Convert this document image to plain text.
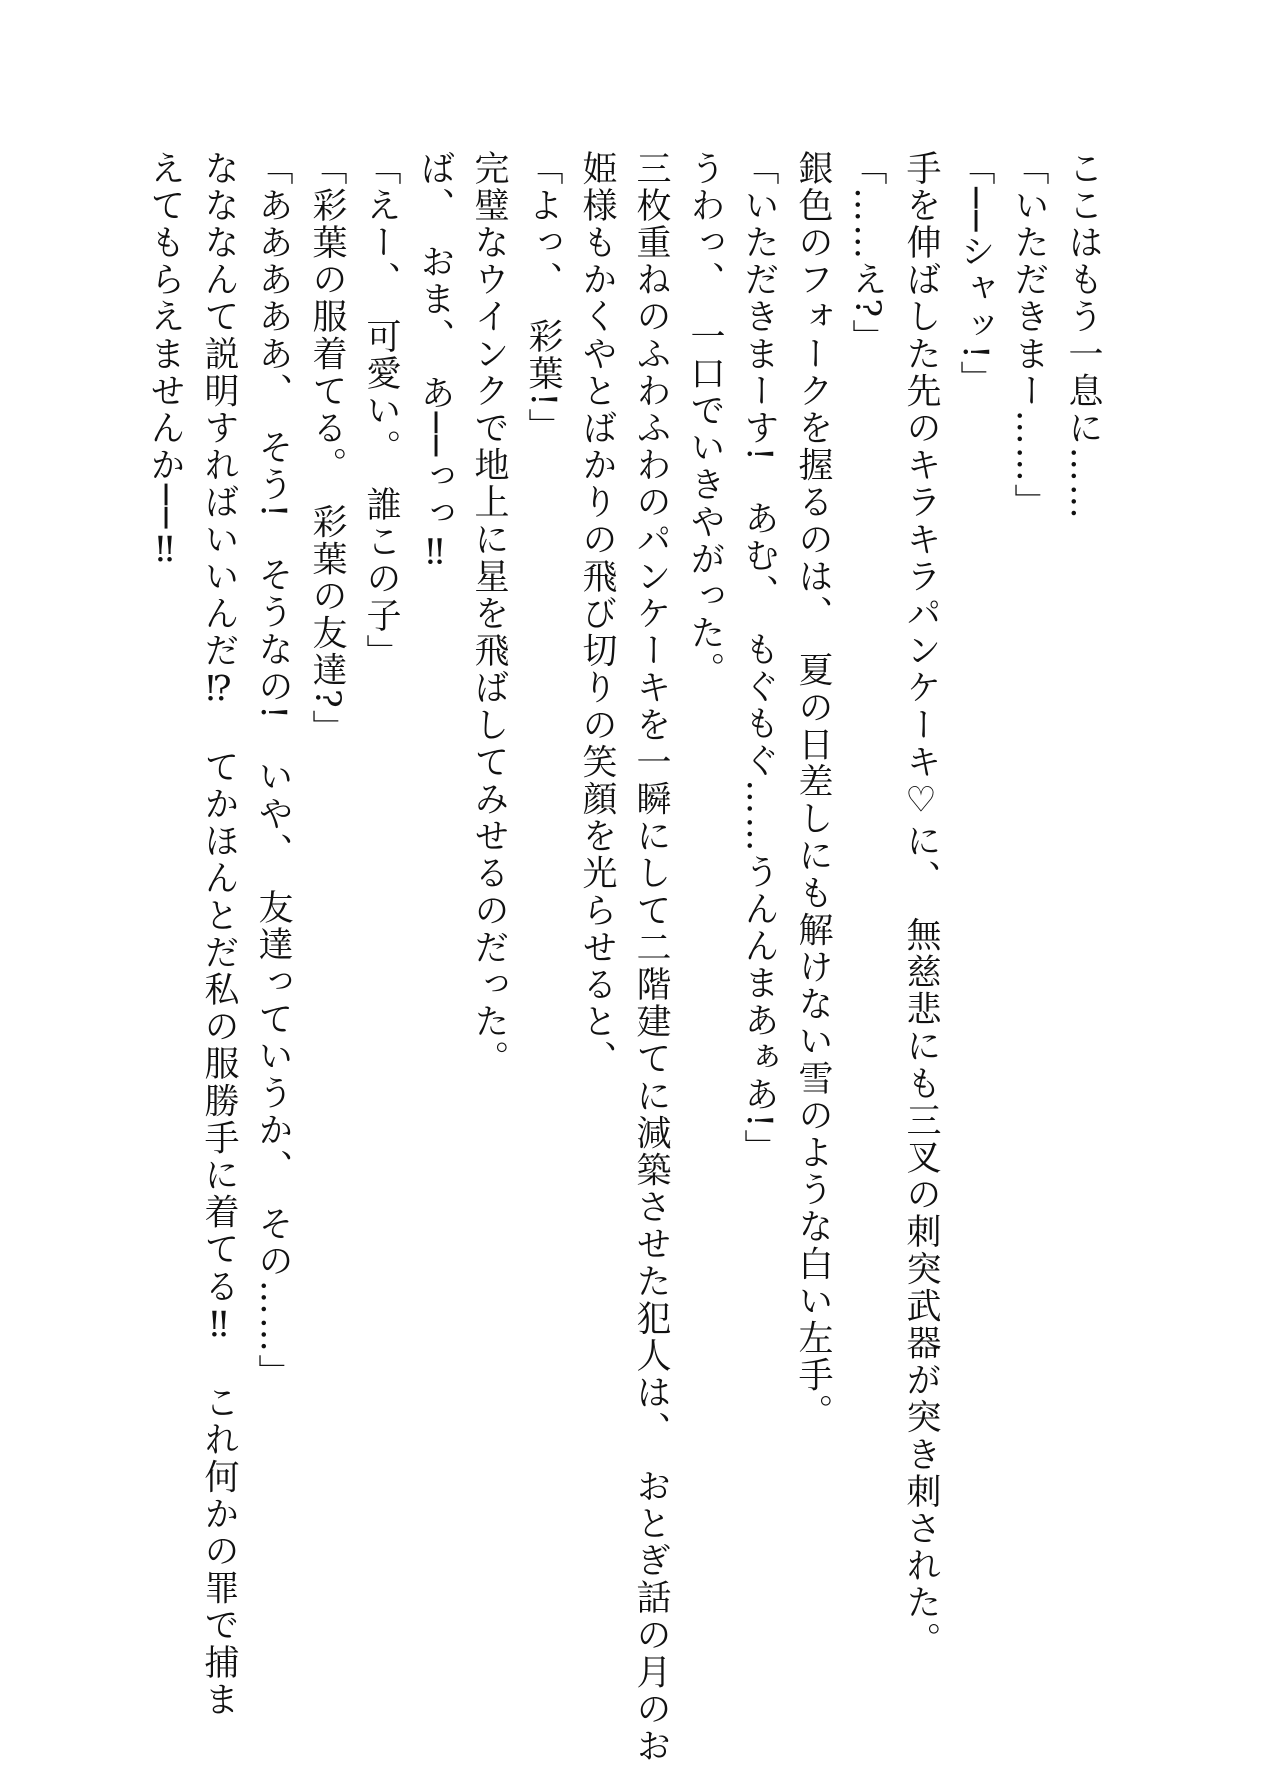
ここはもう一息に……
「いただきまー……」
「──シャッ!」
手を伸ばした先のキラキラパンケーキ♡に、　無慈悲にも三叉の刺突武器が突き刺された。
「……え?」
銀色のフォークを握るのは、　夏の日差しにも解けない雪のような白い左手。
「いただきまーす!　あむ、　もぐもぐ……うんんまあぁあ!」
うわっ、　一口でいきやがった。
三枚重ねのふわふわのパンケーキを一瞬にして二階建てに減築させた犯人は、　おとぎ話の月のお
姫様もかくやとばかりの飛び切りの笑顔を光らせると、
「よっ、　彩葉!」
完璧なウインクで地上に星を飛ばしてみせるのだった。
ば、　おま、　あ──っっ‼
「えー、　可愛い。　誰この子」
「彩葉の服着てる。　彩葉の友達?」
「あああああ、　そう!　そうなの!　いや、　友達っていうか、　その……」
なななんて説明すればいいんだ⁉　てかほんとだ私の服勝手に着てる‼　これ何かの罪で捕ま
えてもらえませんか──‼
